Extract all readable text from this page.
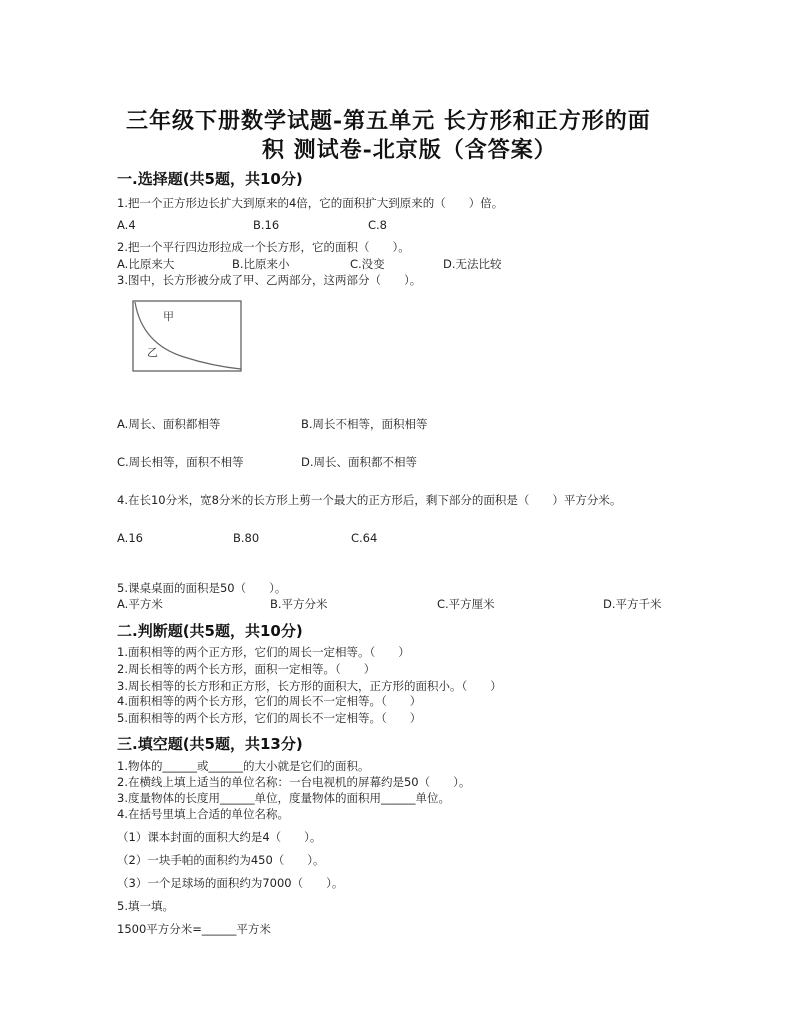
三年级下册数学试题-第五单元 长方形和正方形的面
积 测试卷-北京版（含答案）
一.选择题(共5题，共10分)
1.把一个正方形边长扩大到原来的4倍，它的面积扩大到原来的（　　）倍。
A.4	B.16	C.8
2.把一个平行四边形拉成一个长方形，它的面积（　　）。
A.比原来大	B.比原来小	C.没变	D.无法比较
3.图中，长方形被分成了甲、乙两部分，这两部分（　　）。
甲
乙
A.周长、面积都相等	B.周长不相等，面积相等
C.周长相等，面积不相等	D.周长、面积都不相等
4.在长10分米，宽8分米的长方形上剪一个最大的正方形后，剩下部分的面积是（　　）平方分米。
A.16	B.80	C.64
5.课桌桌面的面积是50（　　）。
A.平方米	B.平方分米	C.平方厘米	D.平方千米
二.判断题(共5题，共10分)
1.面积相等的两个正方形，它们的周长一定相等。（　　）
2.周长相等的两个长方形，面积一定相等。（　　）
3.周长相等的长方形和正方形，长方形的面积大，正方形的面积小。（　　）
4.面积相等的两个长方形，它们的周长不一定相等。（　　）
5.面积相等的两个长方形，它们的周长不一定相等。（　　）
三.填空题(共5题，共13分)
1.物体的______或______的大小就是它们的面积。
2.在横线上填上适当的单位名称：一台电视机的屏幕约是50（　　）。
3.度量物体的长度用______单位，度量物体的面积用______单位。
4.在括号里填上合适的单位名称。
（1）课本封面的面积大约是4（　　）。
（2）一块手帕的面积约为450（　　）。
（3）一个足球场的面积约为7000（　　）。
5.填一填。
1500平方分米=______平方米
